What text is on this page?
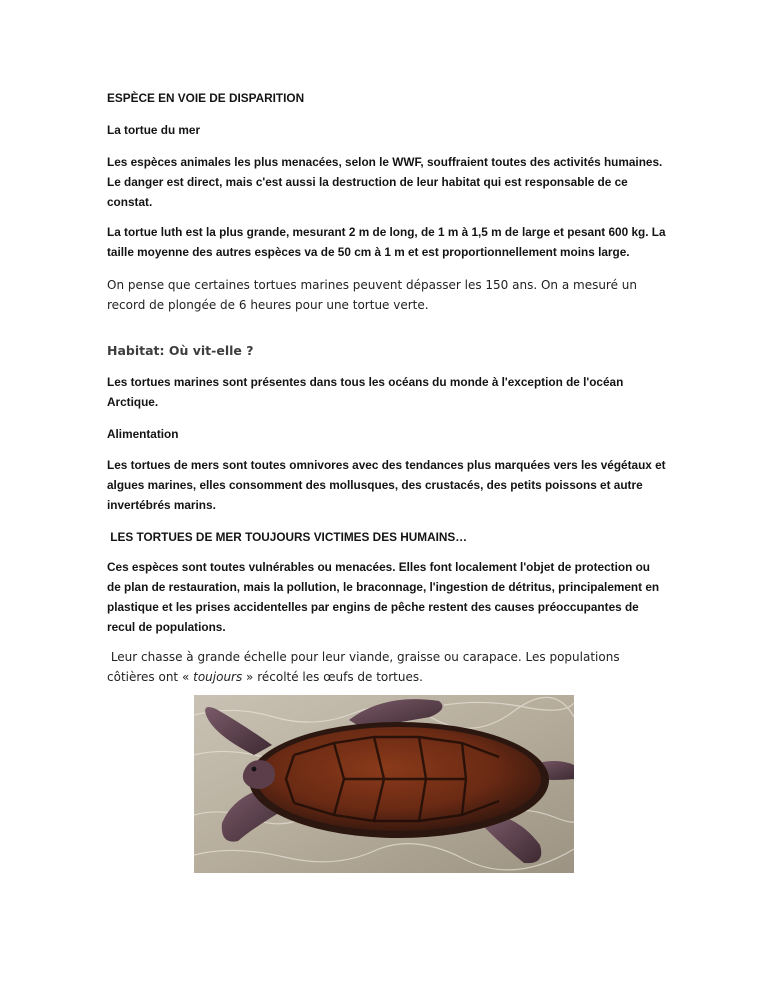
ESPÈCE EN VOIE DE DISPARITION

La tortue du mer

Les espèces animales les plus menacées, selon le WWF, souffraient toutes des activités humaines. Le danger est direct, mais c'est aussi la destruction de leur habitat qui est responsable de ce constat.

La tortue luth est la plus grande, mesurant 2 m de long, de 1 m à 1,5 m de large et pesant 600 kg. La taille moyenne des autres espèces va de 50 cm à 1 m et est proportionnellement moins large.

On pense que certaines tortues marines peuvent dépasser les 150 ans. On a mesuré un record de plongée de 6 heures pour une tortue verte.

Habitat: Où vit-elle ?

Les tortues marines sont présentes dans tous les océans du monde à l'exception de l'océan Arctique.

Alimentation

Les tortues de mers sont toutes omnivores avec des tendances plus marquées vers les végétaux et algues marines, elles consomment des mollusques, des crustacés, des petits poissons et autre invertébrés marins.

LES TORTUES DE MER TOUJOURS VICTIMES DES HUMAINS…

Ces espèces sont toutes vulnérables ou menacées. Elles font localement l'objet de protection ou de plan de restauration, mais la pollution, le braconnage, l'ingestion de détritus, principalement en plastique et les prises accidentelles par engins de pêche restent des causes préoccupantes de recul de populations.

Leur chasse à grande échelle pour leur viande, graisse ou carapace. Les populations côtières ont « toujours » récolté les œufs de tortues.
